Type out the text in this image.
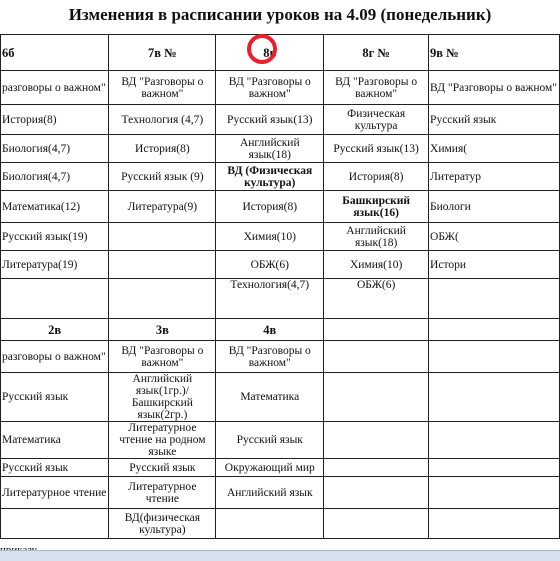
Изменения в расписании уроков на 4.09 (понедельник)
6б	7в №	8в	8г №	9в №
разговоры о важном"	ВД "Разговоры о важном"	ВД "Разговоры о важном"	ВД "Разговоры о важном"	ВД "Разговоры о важном"
История(8)	Технология (4,7)	Русский язык(13)	Физическая культура	Русский язык
Биология(4,7)	История(8)	Английский язык(18)	Русский язык(13)	Химия(
Биология(4,7)	Русский язык (9)	ВД (Физическая культура)	История(8)	Литератур
Математика(12)	Литература(9)	История(8)	Башкирский язык(16)	Биологи
Русский язык(19)		Химия(10)	Английский язык(18)	ОБЖ(
Литература(19)		ОБЖ(6)	Химия(10)	Истори
		Технология(4,7)	ОБЖ(6)	
2в	3в	4в		
разговоры о важном"	ВД "Разговоры о важном"	ВД "Разговоры о важном"		
Русский язык	Английский язык(1гр.)/Башкирский язык(2гр.)	Математика		
Математика	Литературное чтение на родном языке	Русский язык		
Русский язык	Русский язык	Окружающий мир		
Литературное чтение	Литературное чтение	Английский язык		
	ВД(физическая культура)			
